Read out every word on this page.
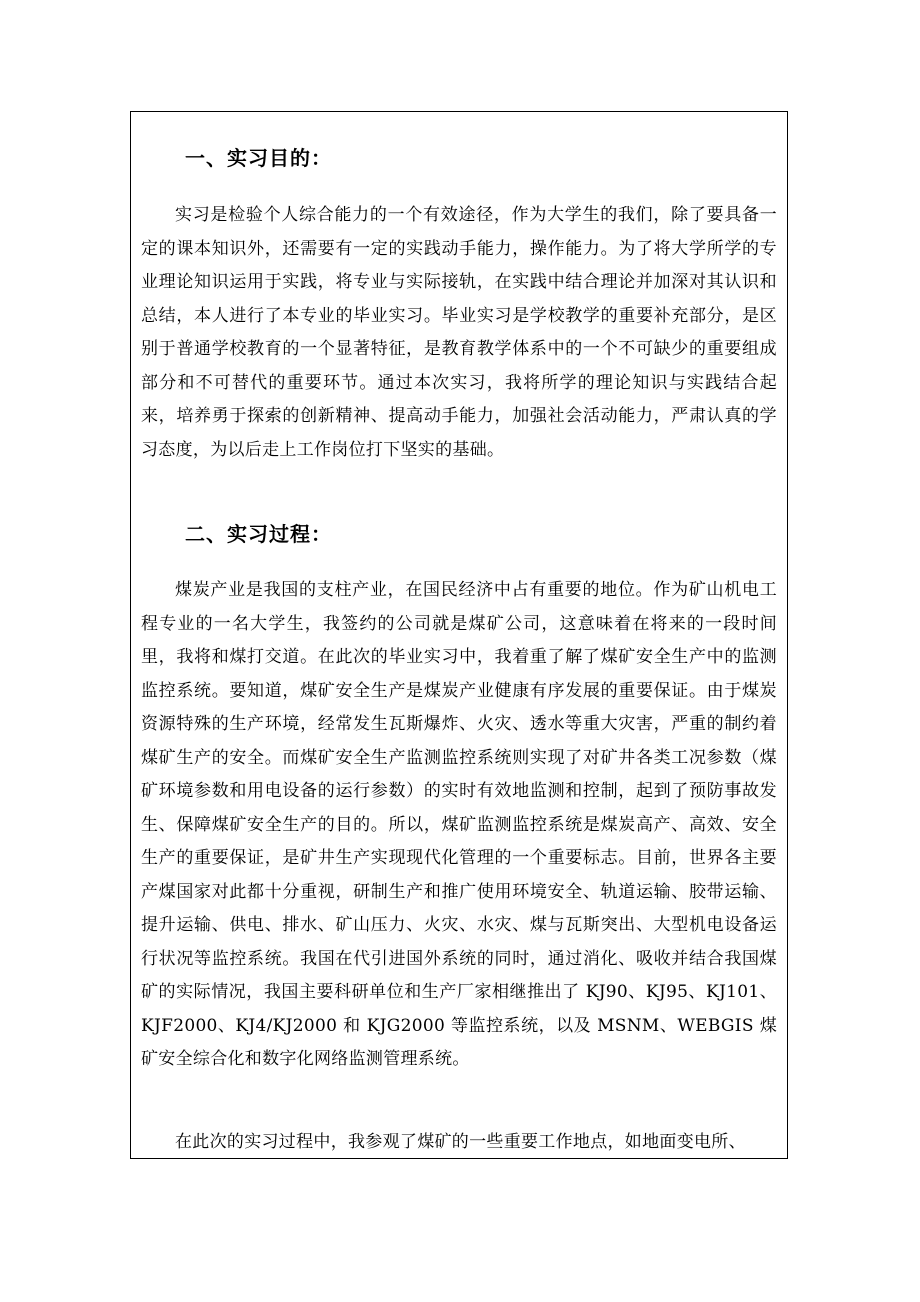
一、实习目的：

实习是检验个人综合能力的一个有效途径，作为大学生的我们，除了要具备一定的课本知识外，还需要有一定的实践动手能力，操作能力。为了将大学所学的专业理论知识运用于实践，将专业与实际接轨，在实践中结合理论并加深对其认识和总结，本人进行了本专业的毕业实习。毕业实习是学校教学的重要补充部分，是区别于普通学校教育的一个显著特征，是教育教学体系中的一个不可缺少的重要组成部分和不可替代的重要环节。通过本次实习，我将所学的理论知识与实践结合起来，培养勇于探索的创新精神、提高动手能力，加强社会活动能力，严肃认真的学习态度，为以后走上工作岗位打下坚实的基础。

二、实习过程：

煤炭产业是我国的支柱产业，在国民经济中占有重要的地位。作为矿山机电工程专业的一名大学生，我签约的公司就是煤矿公司，这意味着在将来的一段时间里，我将和煤打交道。在此次的毕业实习中，我着重了解了煤矿安全生产中的监测监控系统。要知道，煤矿安全生产是煤炭产业健康有序发展的重要保证。由于煤炭资源特殊的生产环境，经常发生瓦斯爆炸、火灾、透水等重大灾害，严重的制约着煤矿生产的安全。而煤矿安全生产监测监控系统则实现了对矿井各类工况参数（煤矿环境参数和用电设备的运行参数）的实时有效地监测和控制，起到了预防事故发生、保障煤矿安全生产的目的。所以，煤矿监测监控系统是煤炭高产、高效、安全生产的重要保证，是矿井生产实现现代化管理的一个重要标志。目前，世界各主要产煤国家对此都十分重视，研制生产和推广使用环境安全、轨道运输、胶带运输、提升运输、供电、排水、矿山压力、火灾、水灾、煤与瓦斯突出、大型机电设备运行状况等监控系统。我国在代引进国外系统的同时，通过消化、吸收并结合我国煤矿的实际情况，我国主要科研单位和生产厂家相继推出了 KJ90、KJ95、KJ101、KJF2000、KJ4/KJ2000 和 KJG2000 等监控系统，以及 MSNM、WEBGIS 煤矿安全综合化和数字化网络监测管理系统。

在此次的实习过程中，我参观了煤矿的一些重要工作地点，如地面变电所、
